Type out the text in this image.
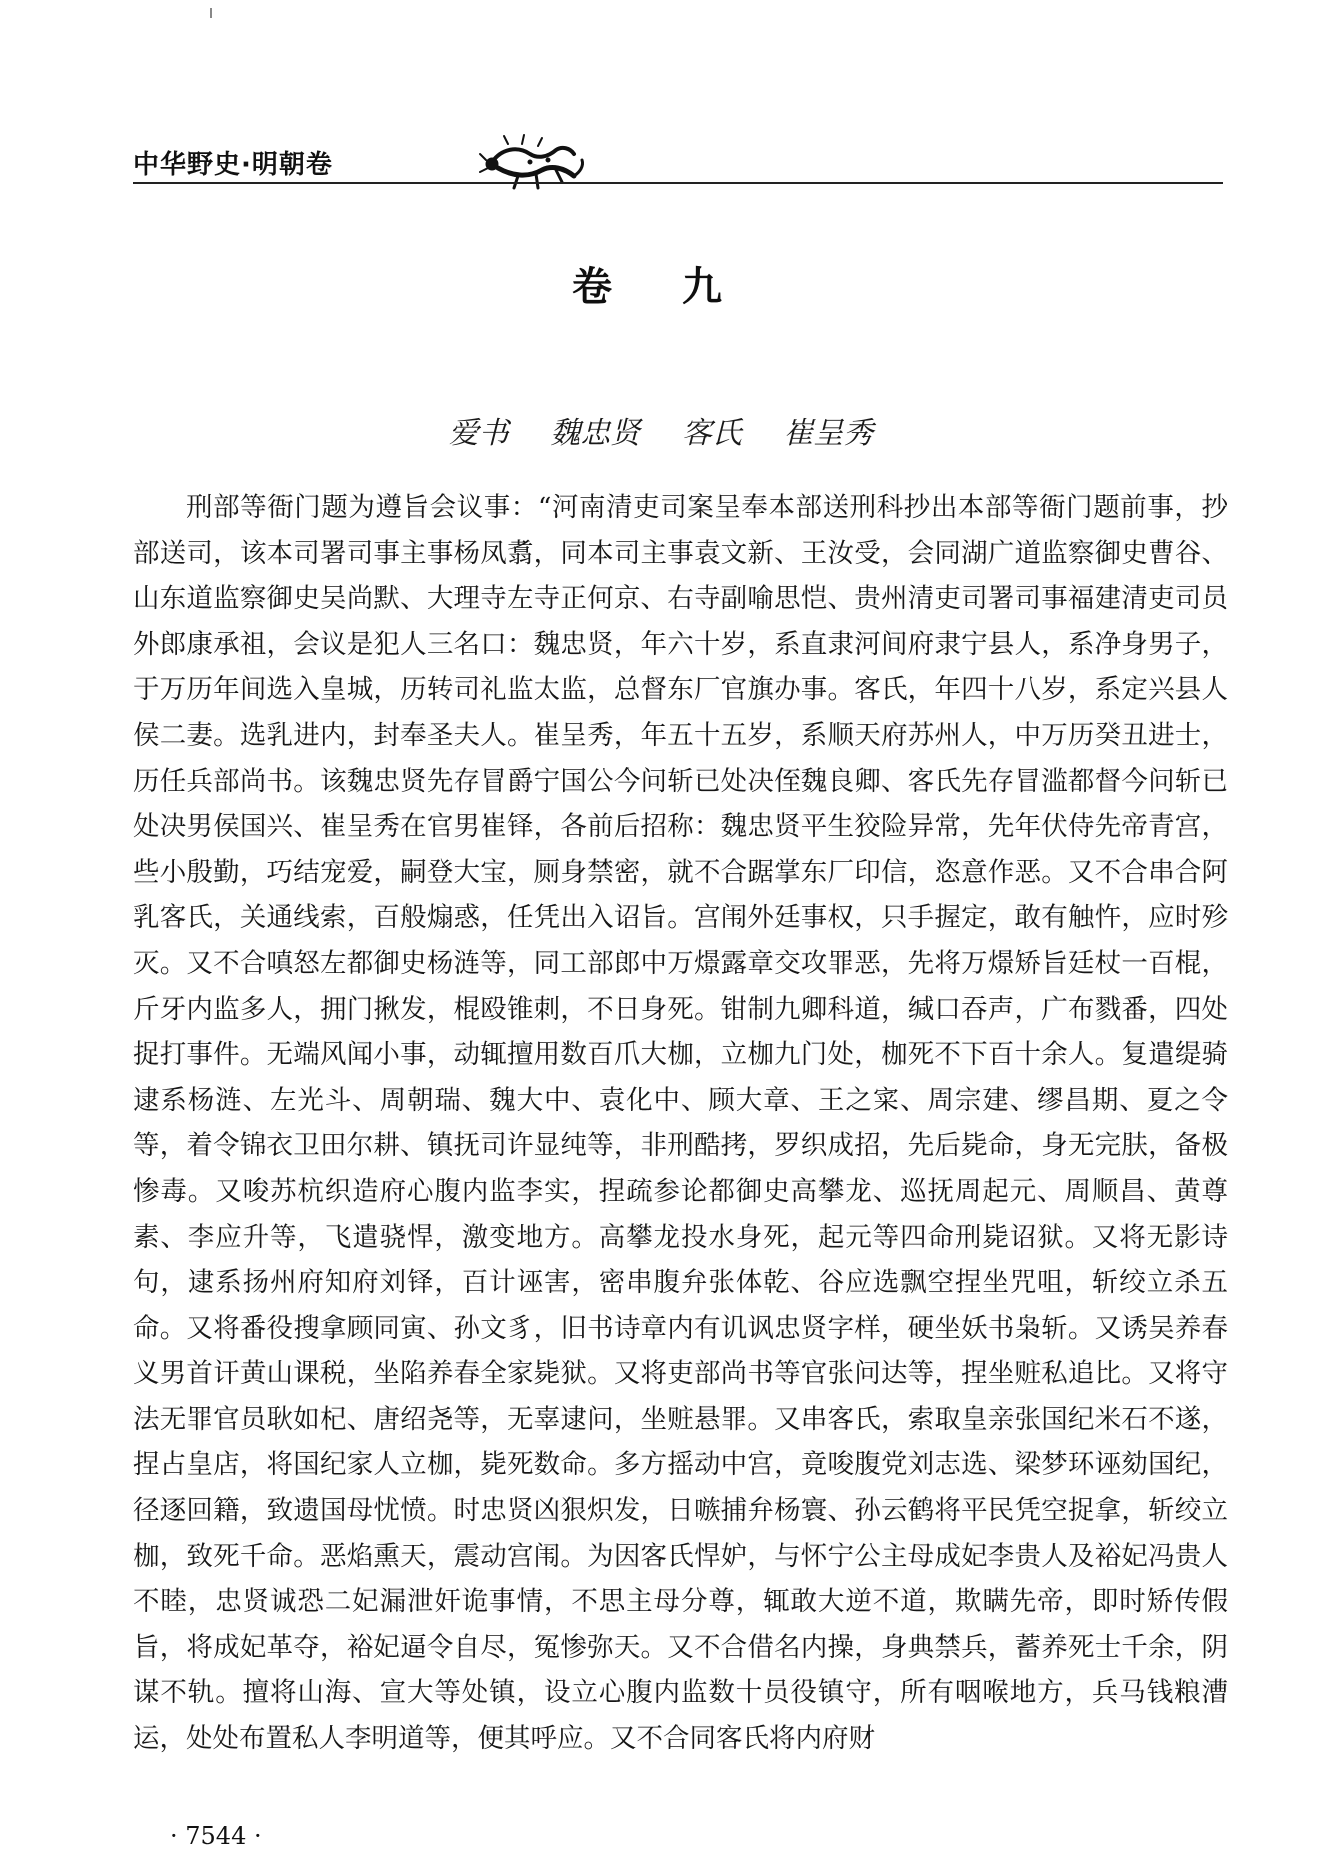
中华野史·明朝卷
卷 九
爱书 魏忠贤 客氏 崔呈秀

刑部等衙门题为遵旨会议事：“河南清吏司案呈奉本部送刑科抄出本部等衙门题前事，抄部送司，该本司署司事主事杨凤翥，同本司主事袁文新、王汝受，会同湖广道监察御史曹谷、山东道监察御史吴尚默、大理寺左寺正何京、右寺副喻思恺、贵州清吏司署司事福建清吏司员外郎康承祖，会议是犯人三名口：魏忠贤，年六十岁，系直隶河间府隶宁县人，系净身男子，于万历年间选入皇城，历转司礼监太监，总督东厂官旗办事。客氏，年四十八岁，系定兴县人侯二妻。选乳进内，封奉圣夫人。崔呈秀，年五十五岁，系顺天府苏州人，中万历癸丑进士，历任兵部尚书。该魏忠贤先存冒爵宁国公今问斩已处决侄魏良卿、客氏先存冒滥都督今问斩已处决男侯国兴、崔呈秀在官男崔铎，各前后招称：魏忠贤平生狡险异常，先年伏侍先帝青宫，些小殷勤，巧结宠爱，嗣登大宝，厕身禁密，就不合踞掌东厂印信，恣意作恶。又不合串合阿乳客氏，关通线索，百般煽惑，任凭出入诏旨。宫闱外廷事权，只手握定，敢有触忤，应时殄灭。又不合嗔怒左都御史杨涟等，同工部郎中万燝露章交攻罪恶，先将万燝矫旨廷杖一百棍，斤牙内监多人，拥门揪发，棍殴锥刺，不日身死。钳制九卿科道，缄口吞声，广布戮番，四处捉打事件。无端风闻小事，动辄擅用数百爪大枷，立枷九门处，枷死不下百十余人。复遣缇骑逮系杨涟、左光斗、周朝瑞、魏大中、袁化中、顾大章、王之寀、周宗建、缪昌期、夏之令等，着令锦衣卫田尔耕、镇抚司许显纯等，非刑酷拷，罗织成招，先后毙命，身无完肤，备极惨毒。又唆苏杭织造府心腹内监李实，捏疏参论都御史高攀龙、巡抚周起元、周顺昌、黄尊素、李应升等，飞遣骁悍，激变地方。高攀龙投水身死，起元等四命刑毙诏狱。又将无影诗句，逮系扬州府知府刘铎，百计诬害，密串腹弁张体乾、谷应选飘空捏坐咒咀，斩绞立杀五命。又将番役搜拿顾同寅、孙文豸，旧书诗章内有讥讽忠贤字样，硬坐妖书枭斩。又诱吴养春义男首讦黄山课税，坐陷养春全家毙狱。又将吏部尚书等官张问达等，捏坐赃私追比。又将守法无罪官员耿如杞、唐绍尧等，无辜逮问，坐赃悬罪。又串客氏，索取皇亲张国纪米石不遂，捏占皇店，将国纪家人立枷，毙死数命。多方摇动中宫，竟唆腹党刘志选、梁梦环诬劾国纪，径逐回籍，致遗国母忧愤。时忠贤凶狠炽发，日嗾捕弁杨寰、孙云鹤将平民凭空捉拿，斩绞立枷，致死千命。恶焰熏天，震动宫闱。为因客氏悍妒，与怀宁公主母成妃李贵人及裕妃冯贵人不睦，忠贤诚恐二妃漏泄奸诡事情，不思主母分尊，辄敢大逆不道，欺瞒先帝，即时矫传假旨，将成妃革夺，裕妃逼令自尽，冤惨弥天。又不合借名内操，身典禁兵，蓄养死士千余，阴谋不轨。擅将山海、宣大等处镇，设立心腹内监数十员役镇守，所有咽喉地方，兵马钱粮漕运，处处布置私人李明道等，便其呼应。又不合同客氏将内府财

· 7544 ·
